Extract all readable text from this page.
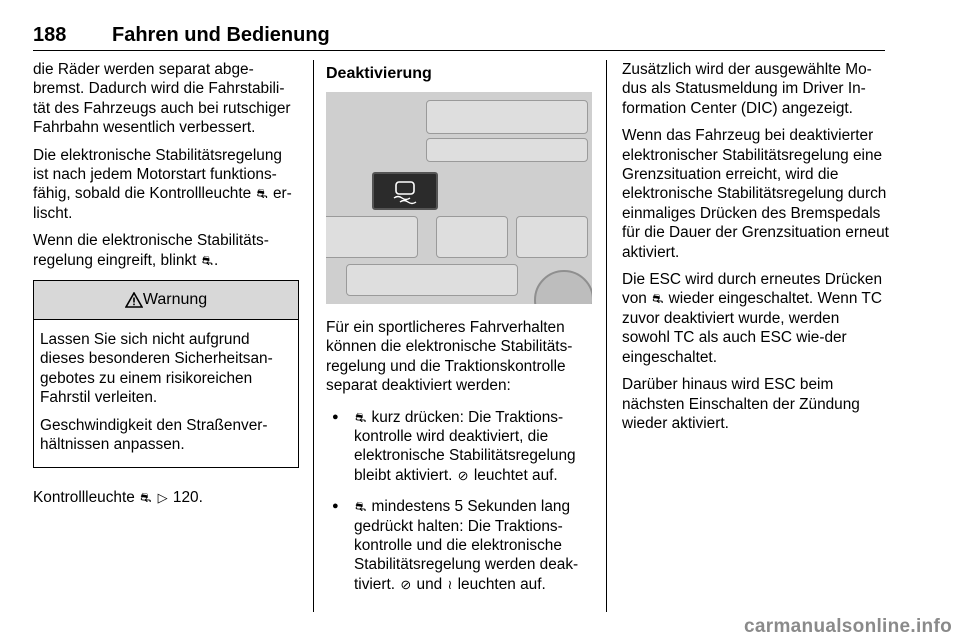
188 Fahren und Bedienung

die Räder werden separat abge-bremst. Dadurch wird die Fahrstabili-tät des Fahrzeugs auch bei rutschiger Fahrbahn wesentlich verbessert.

Die elektronische Stabilitätsregelung ist nach jedem Motorstart funktions-fähig, sobald die Kontrollleuchte ⛐ er-lischt.

Wenn die elektronische Stabilitäts-regelung eingreift, blinkt ⛐.

Warnung

Lassen Sie sich nicht aufgrund dieses besonderen Sicherheitsan-gebotes zu einem risikoreichen Fahrstil verleiten.

Geschwindigkeit den Straßenver-hältnissen anpassen.

Kontrollleuchte ⛐ ▷ 120.

Deaktivierung

Für ein sportlicheres Fahrverhalten können die elektronische Stabilitäts-regelung und die Traktionskontrolle separat deaktiviert werden:

● ⛐ kurz drücken: Die Traktions-kontrolle wird deaktiviert, die elektronische Stabilitätsregelung bleibt aktiviert. ⊘ leuchtet auf.
● ⛐ mindestens 5 Sekunden lang gedrückt halten: Die Traktions-kontrolle und die elektronische Stabilitätsregelung werden deak-tiviert. ⊘ und ≀ leuchten auf.

Zusätzlich wird der ausgewählte Mo-dus als Statusmeldung im Driver In-formation Center (DIC) angezeigt.

Wenn das Fahrzeug bei deaktivierter elektronischer Stabilitätsregelung eine Grenzsituation erreicht, wird die elektronische Stabilitätsregelung durch einmaliges Drücken des Bremspedals für die Dauer der Grenzsituation erneut aktiviert.

Die ESC wird durch erneutes Drücken von ⛐ wieder eingeschaltet. Wenn TC zuvor deaktiviert wurde, werden sowohl TC als auch ESC wie-der eingeschaltet.

Darüber hinaus wird ESC beim nächsten Einschalten der Zündung wieder aktiviert.

carmanualsonline.info
